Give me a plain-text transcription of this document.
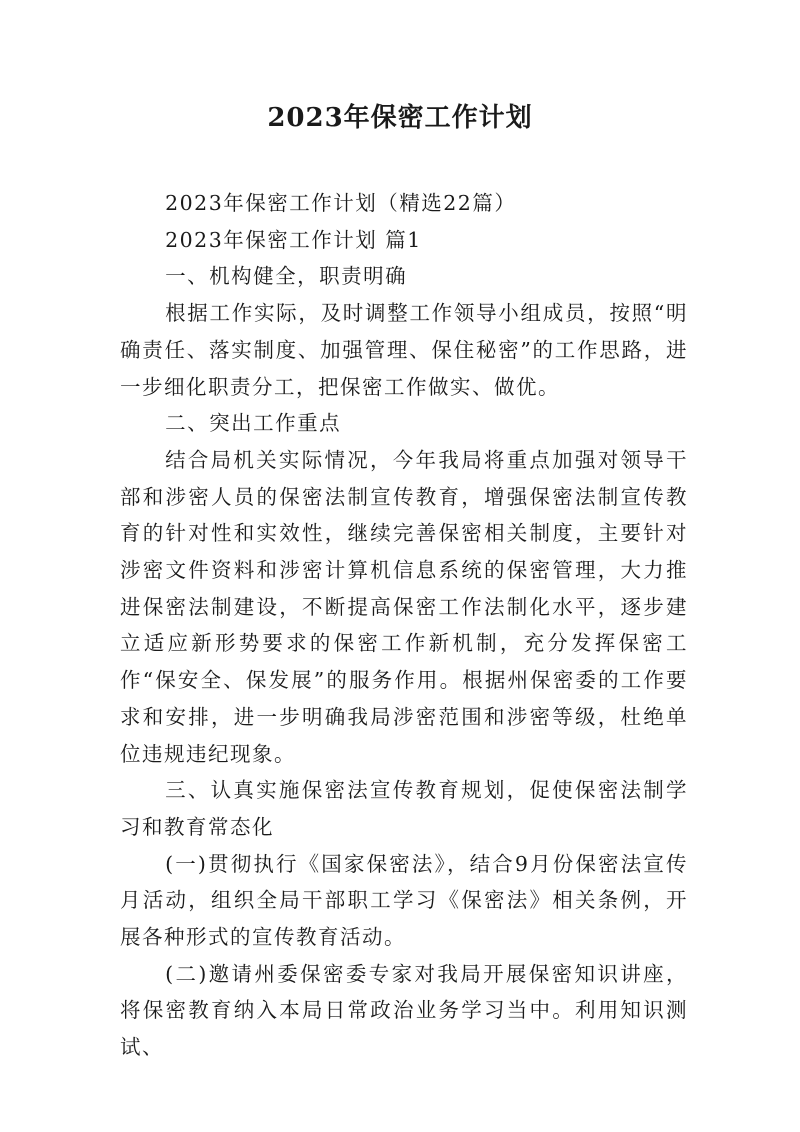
2023年保密工作计划

2023年保密工作计划（精选22篇）

2023年保密工作计划 篇1

一、机构健全，职责明确

根据工作实际，及时调整工作领导小组成员，按照“明确责任、落实制度、加强管理、保住秘密”的工作思路，进一步细化职责分工，把保密工作做实、做优。

二、突出工作重点

结合局机关实际情况，今年我局将重点加强对领导干部和涉密人员的保密法制宣传教育，增强保密法制宣传教育的针对性和实效性，继续完善保密相关制度，主要针对涉密文件资料和涉密计算机信息系统的保密管理，大力推进保密法制建设，不断提高保密工作法制化水平，逐步建立适应新形势要求的保密工作新机制，充分发挥保密工作“保安全、保发展”的服务作用。根据州保密委的工作要求和安排，进一步明确我局涉密范围和涉密等级，杜绝单位违规违纪现象。

三、认真实施保密法宣传教育规划，促使保密法制学习和教育常态化

(一)贯彻执行《国家保密法》，结合9月份保密法宣传月活动，组织全局干部职工学习《保密法》相关条例，开展各种形式的宣传教育活动。

(二)邀请州委保密委专家对我局开展保密知识讲座，将保密教育纳入本局日常政治业务学习当中。利用知识测试、
